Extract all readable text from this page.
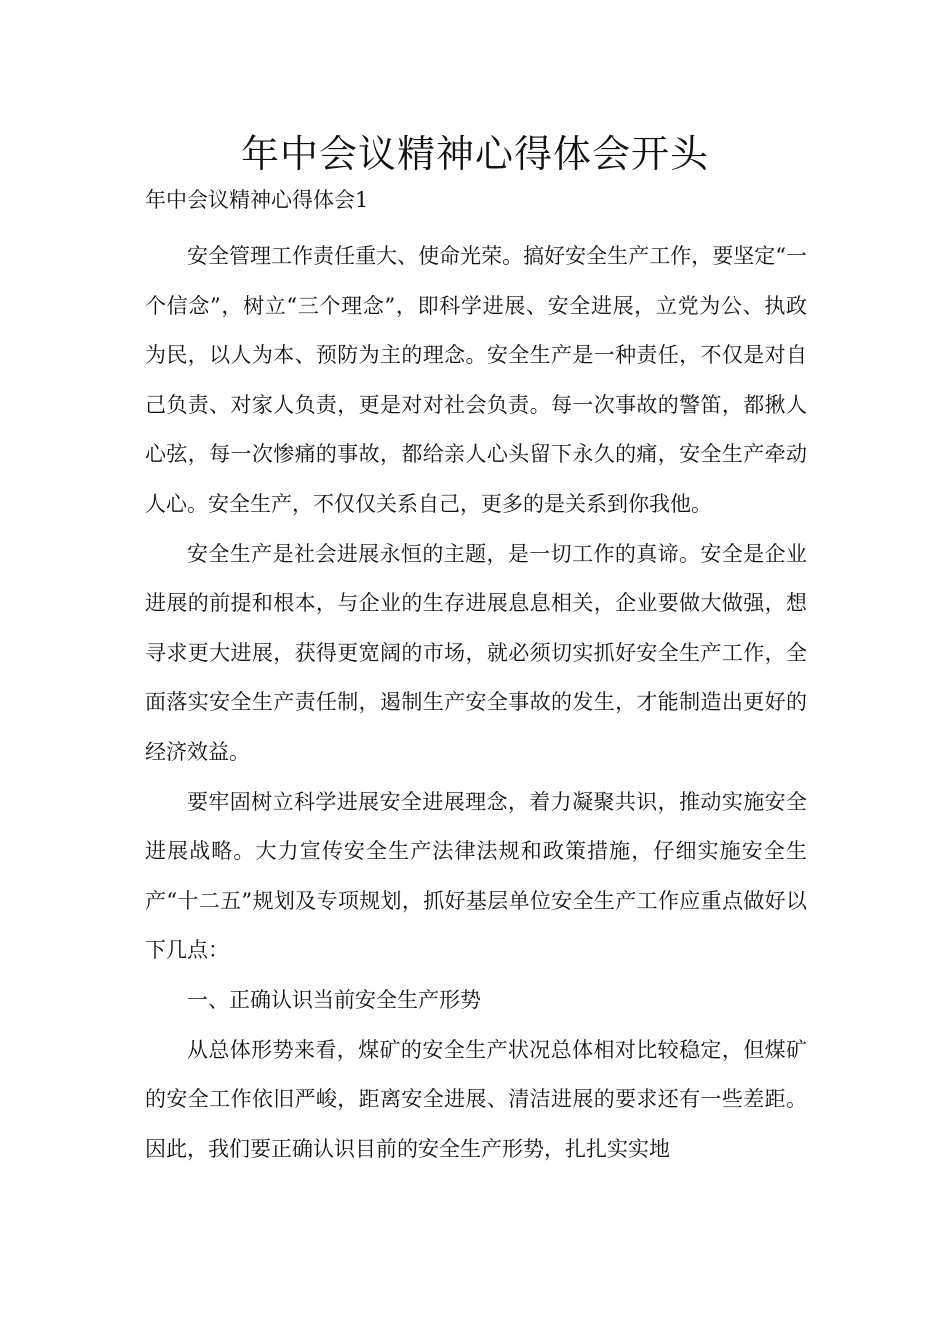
年中会议精神心得体会开头
年中会议精神心得体会1

安全管理工作责任重大、使命光荣。搞好安全生产工作，要坚定“一个信念”，树立“三个理念”，即科学进展、安全进展，立党为公、执政为民，以人为本、预防为主的理念。安全生产是一种责任，不仅是对自己负责、对家人负责，更是对对社会负责。每一次事故的警笛，都揪人心弦，每一次惨痛的事故，都给亲人心头留下永久的痛，安全生产牵动人心。安全生产，不仅仅关系自己，更多的是关系到你我他。

安全生产是社会进展永恒的主题，是一切工作的真谛。安全是企业进展的前提和根本，与企业的生存进展息息相关，企业要做大做强，想寻求更大进展，获得更宽阔的市场，就必须切实抓好安全生产工作，全面落实安全生产责任制，遏制生产安全事故的发生，才能制造出更好的经济效益。

要牢固树立科学进展安全进展理念，着力凝聚共识，推动实施安全进展战略。大力宣传安全生产法律法规和政策措施，仔细实施安全生产“十二五”规划及专项规划，抓好基层单位安全生产工作应重点做好以下几点：

一、正确认识当前安全生产形势

从总体形势来看，煤矿的安全生产状况总体相对比较稳定，但煤矿的安全工作依旧严峻，距离安全进展、清洁进展的要求还有一些差距。因此，我们要正确认识目前的安全生产形势，扎扎实实地
